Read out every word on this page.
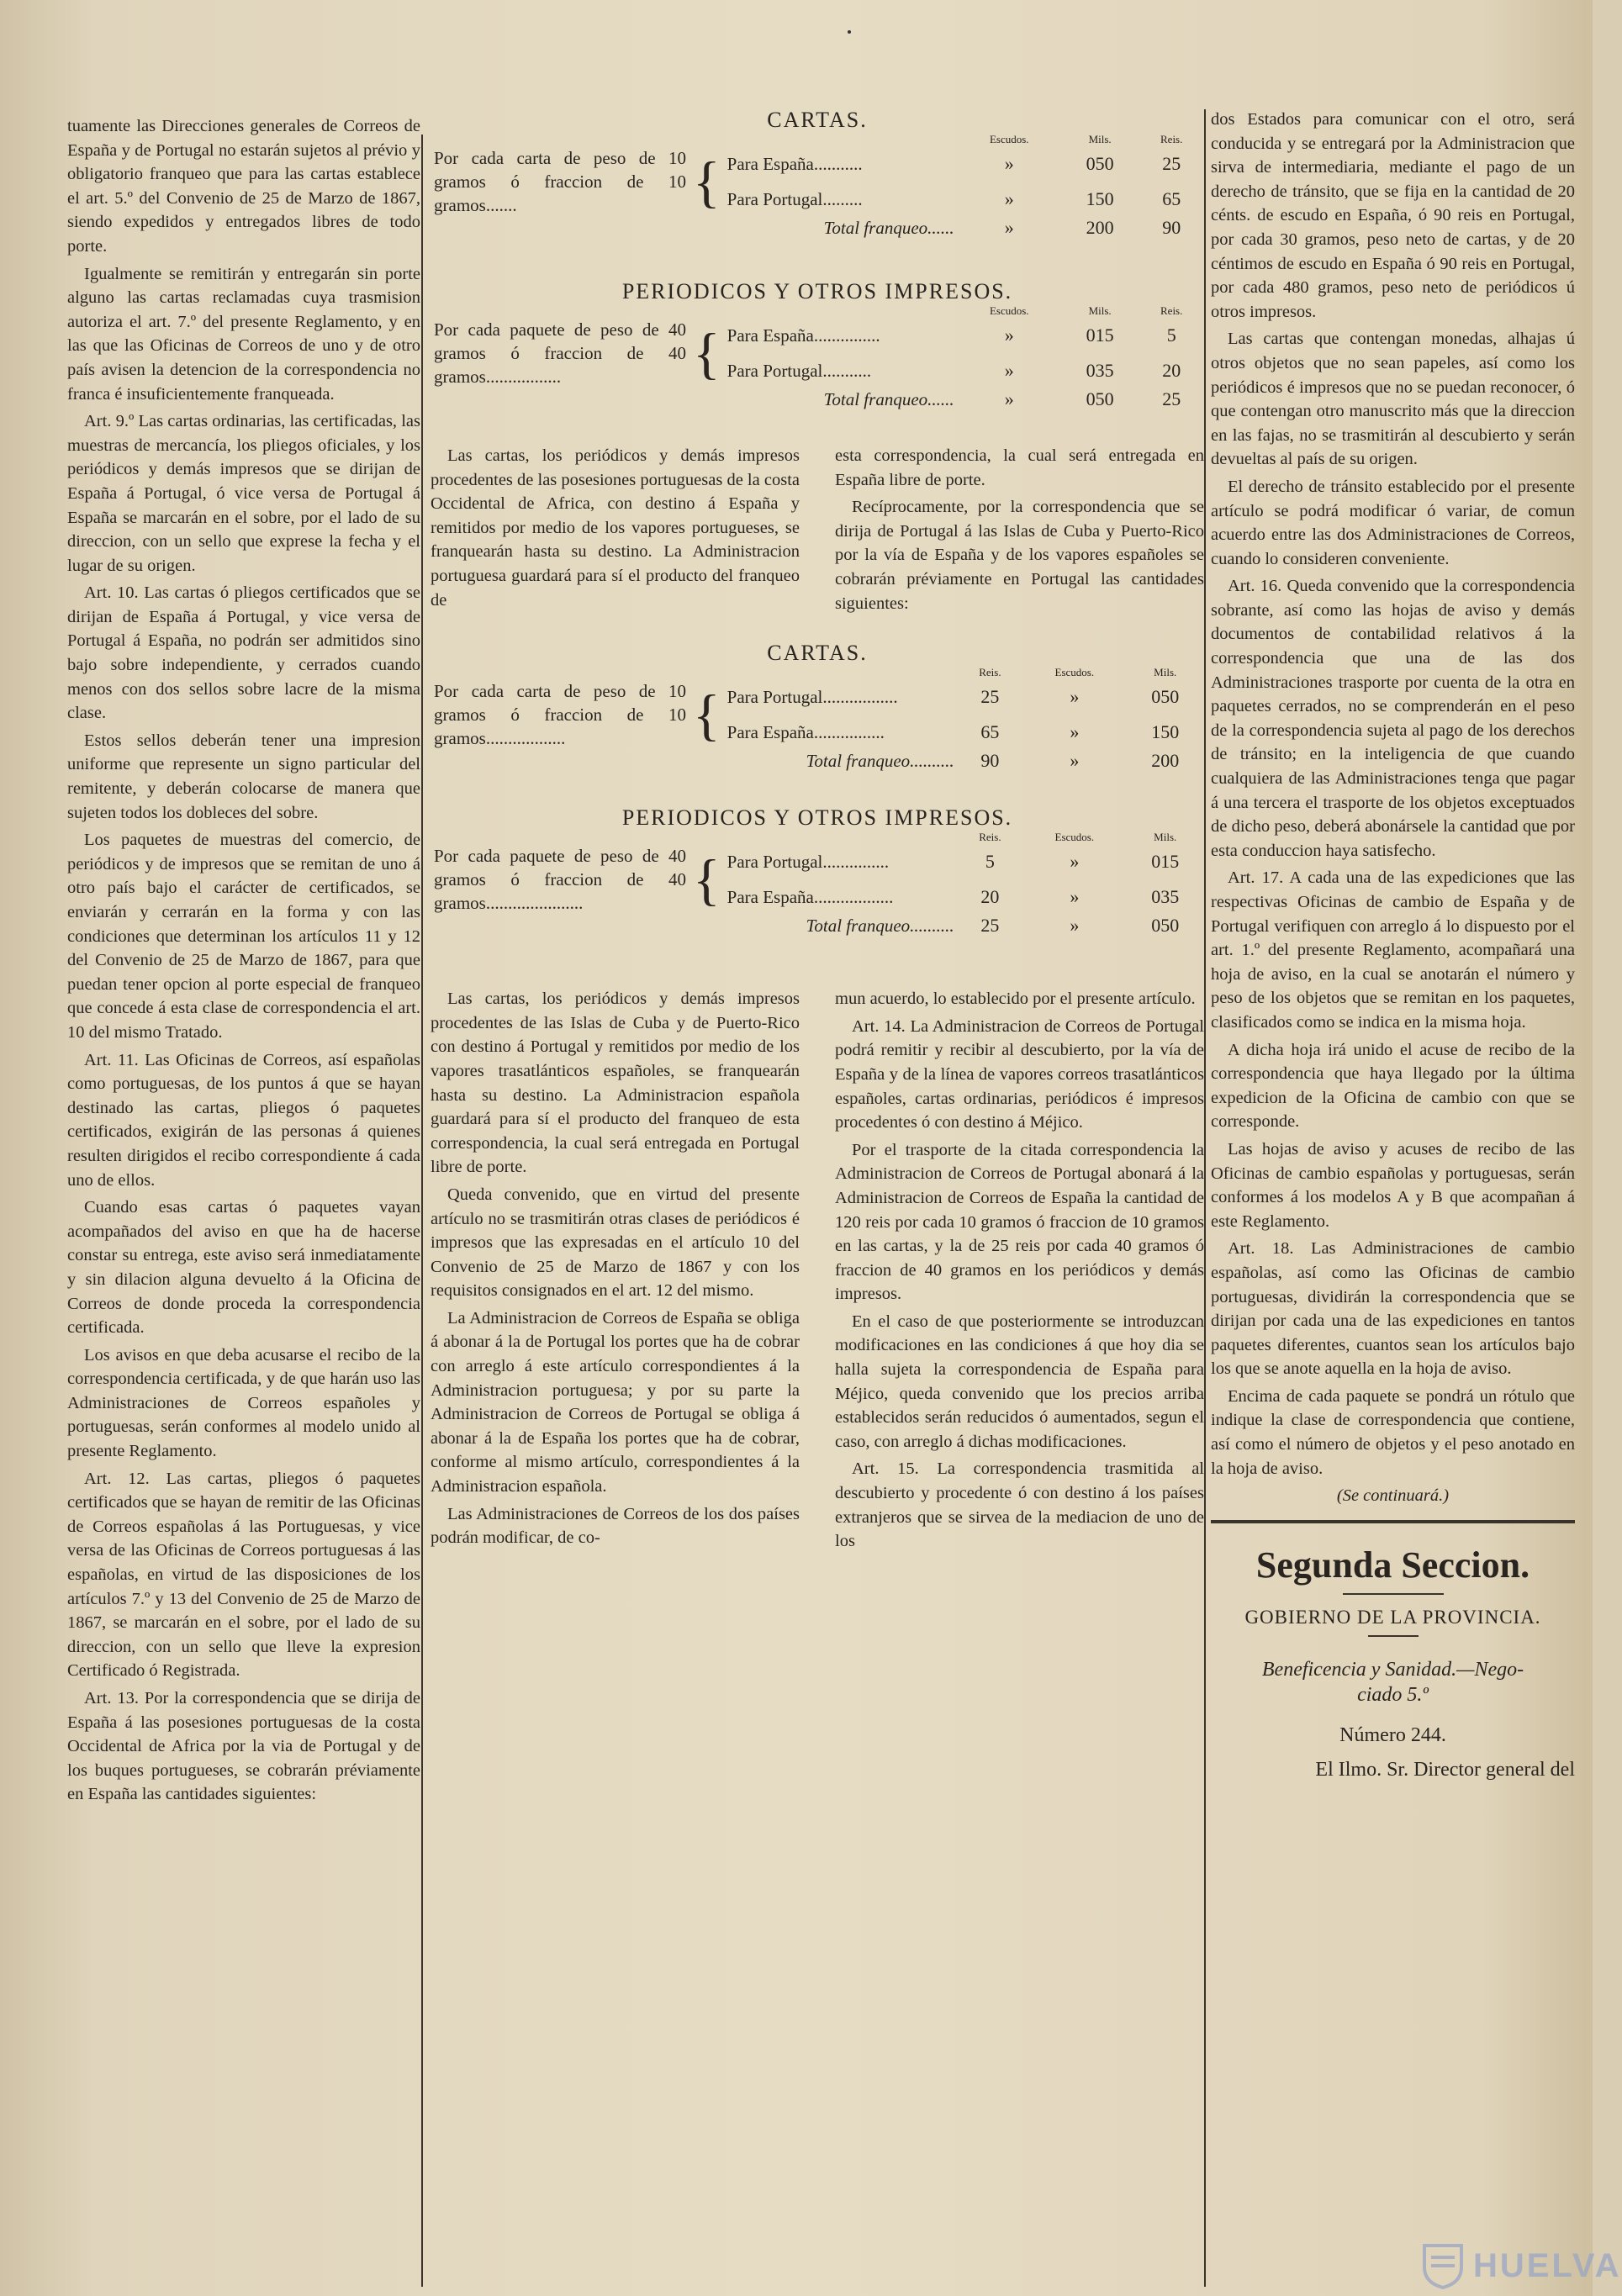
tuamente las Direcciones generales de Correos de España y de Portugal no estarán sujetos al prévio y obligatorio franqueo que para las cartas establece el art. 5.º del Convenio de 25 de Marzo de 1867, siendo expedidos y entregados libres de todo porte.

Igualmente se remitirán y entregarán sin porte alguno las cartas reclamadas cuya trasmision autoriza el art. 7.º del presente Reglamento, y en las que las Oficinas de Correos de uno y de otro país avisen la detencion de la correspondencia no franca é insuficientemente franqueada.

Art. 9.º Las cartas ordinarias, las certificadas, las muestras de mercancía, los pliegos oficiales, y los periódicos y demás impresos que se dirijan de España á Portugal, ó vice versa de Portugal á España se marcarán en el sobre, por el lado de su direccion, con un sello que exprese la fecha y el lugar de su origen.

Art. 10. Las cartas ó pliegos certificados que se dirijan de España á Portugal, y vice versa de Portugal á España, no podrán ser admitidos sino bajo sobre independiente, y cerrados cuando menos con dos sellos sobre lacre de la misma clase.

Estos sellos deberán tener una impresion uniforme que represente un signo particular del remitente, y deberán colocarse de manera que sujeten todos los dobleces del sobre.

Los paquetes de muestras del comercio, de periódicos y de impresos que se remitan de uno á otro país bajo el carácter de certificados, se enviarán y cerrarán en la forma y con las condiciones que determinan los artículos 11 y 12 del Convenio de 25 de Marzo de 1867, para que puedan tener opcion al porte especial de franqueo que concede á esta clase de correspondencia el art. 10 del mismo Tratado.

Art. 11. Las Oficinas de Correos, así españolas como portuguesas, de los puntos á que se hayan destinado las cartas, pliegos ó paquetes certificados, exigirán de las personas á quienes resulten dirigidos el recibo correspondiente á cada uno de ellos.

Cuando esas cartas ó paquetes vayan acompañados del aviso en que ha de hacerse constar su entrega, este aviso será inmediatamente y sin dilacion alguna devuelto á la Oficina de Correos de donde proceda la correspondencia certificada.

Los avisos en que deba acusarse el recibo de la correspondencia certificada, y de que harán uso las Administraciones de Correos españoles y portuguesas, serán conformes al modelo unido al presente Reglamento.

Art. 12. Las cartas, pliegos ó paquetes certificados que se hayan de remitir de las Oficinas de Correos españolas á las Portuguesas, y vice versa de las Oficinas de Correos portuguesas á las españolas, en virtud de las disposiciones de los artículos 7.º y 13 del Convenio de 25 de Marzo de 1867, se marcarán en el sobre, por el lado de su direccion, con un sello que lleve la expresion Certificado ó Registrada.

Art. 13. Por la correspondencia que se dirija de España á las posesiones portuguesas de la costa Occidental de Africa por la via de Portugal y de los buques portugueses, se cobrarán préviamente en España las cantidades siguientes:

CARTAS.
			Escudos.	Mils.	Reis.
Por cada carta de peso de 10 gramos ó fraccion de 10 gramos.......	{	Para España...........	»	050	25
		Para Portugal.........	»	150	65
		Total franqueo......	»	200	90
PERIODICOS Y OTROS IMPRESOS.
			Escudos.	Mils.	Reis.
Por cada paquete de peso de 40 gramos ó fraccion de 40 gramos.................	{	Para España...............	»	015	5
		Para Portugal...........	»	035	20
		Total franqueo......	»	050	25

Las cartas, los periódicos y demás impresos procedentes de las posesiones portuguesas de la costa Occidental de Africa, con destino á España y remitidos por medio de los vapores portugueses, se franquearán hasta su destino. La Administracion portuguesa guardará para sí el producto del franqueo de

esta correspondencia, la cual será entregada en España libre de porte.

Recíprocamente, por la correspondencia que se dirija de Portugal á las Islas de Cuba y Puerto-Rico por la vía de España y de los vapores españoles se cobrarán préviamente en Portugal las cantidades siguientes:

CARTAS.
			Reis.	Escudos.	Mils.
Por cada carta de peso de 10 gramos ó fraccion de 10 gramos..................	{	Para Portugal.................	25	»	050
		Para España................	65	»	150
		Total franqueo..........	90	»	200
PERIODICOS Y OTROS IMPRESOS.
			Reis.	Escudos.	Mils.
Por cada paquete de peso de 40 gramos ó fraccion de 40 gramos......................	{	Para Portugal...............	5	»	015
		Para España..................	20	»	035
		Total franqueo..........	25	»	050

Las cartas, los periódicos y demás impresos procedentes de las Islas de Cuba y de Puerto-Rico con destino á Portugal y remitidos por medio de los vapores trasatlánticos españoles, se franquearán hasta su destino. La Administracion española guardará para sí el producto del franqueo de esta correspondencia, la cual será entregada en Portugal libre de porte.

Queda convenido, que en virtud del presente artículo no se trasmitirán otras clases de periódicos é impresos que las expresadas en el artículo 10 del Convenio de 25 de Marzo de 1867 y con los requisitos consignados en el art. 12 del mismo.

La Administracion de Correos de España se obliga á abonar á la de Portugal los portes que ha de cobrar con arreglo á este artículo correspondientes á la Administracion portuguesa; y por su parte la Administracion de Correos de Portugal se obliga á abonar á la de España los portes que ha de cobrar, conforme al mismo artículo, correspondientes á la Administracion española.

Las Administraciones de Correos de los dos países podrán modificar, de co-

mun acuerdo, lo establecido por el presente artículo.

Art. 14. La Administracion de Correos de Portugal podrá remitir y recibir al descubierto, por la vía de España y de la línea de vapores correos trasatlánticos españoles, cartas ordinarias, periódicos é impresos procedentes ó con destino á Méjico.

Por el trasporte de la citada correspondencia la Administracion de Correos de Portugal abonará á la Administracion de Correos de España la cantidad de 120 reis por cada 10 gramos ó fraccion de 10 gramos en las cartas, y la de 25 reis por cada 40 gramos ó fraccion de 40 gramos en los periódicos y demás impresos.

En el caso de que posteriormente se introduzcan modificaciones en las condiciones á que hoy dia se halla sujeta la correspondencia de España para Méjico, queda convenido que los precios arriba establecidos serán reducidos ó aumentados, segun el caso, con arreglo á dichas modificaciones.

Art. 15. La correspondencia trasmitida al descubierto y procedente ó con destino á los países extranjeros que se sirvea de la mediacion de uno de los

dos Estados para comunicar con el otro, será conducida y se entregará por la Administracion que sirva de intermediaria, mediante el pago de un derecho de tránsito, que se fija en la cantidad de 20 cénts. de escudo en España, ó 90 reis en Portugal, por cada 30 gramos, peso neto de cartas, y de 20 céntimos de escudo en España ó 90 reis en Portugal, por cada 480 gramos, peso neto de periódicos ú otros impresos.

Las cartas que contengan monedas, alhajas ú otros objetos que no sean papeles, así como los periódicos é impresos que no se puedan reconocer, ó que contengan otro manuscrito más que la direccion en las fajas, no se trasmitirán al descubierto y serán devueltas al país de su origen.

El derecho de tránsito establecido por el presente artículo se podrá modificar ó variar, de comun acuerdo entre las dos Administraciones de Correos, cuando lo consideren conveniente.

Art. 16. Queda convenido que la correspondencia sobrante, así como las hojas de aviso y demás documentos de contabilidad relativos á la correspondencia que una de las dos Administraciones trasporte por cuenta de la otra en paquetes cerrados, no se comprenderán en el peso de la correspondencia sujeta al pago de los derechos de tránsito; en la inteligencia de que cuando cualquiera de las Administraciones tenga que pagar á una tercera el trasporte de los objetos exceptuados de dicho peso, deberá abonársele la cantidad que por esta conduccion haya satisfecho.

Art. 17. A cada una de las expediciones que las respectivas Oficinas de cambio de España y de Portugal verifiquen con arreglo á lo dispuesto por el art. 1.º del presente Reglamento, acompañará una hoja de aviso, en la cual se anotarán el número y peso de los objetos que se remitan en los paquetes, clasificados como se indica en la misma hoja.

A dicha hoja irá unido el acuse de recibo de la correspondencia que haya llegado por la última expedicion de la Oficina de cambio con que se corresponde.

Las hojas de aviso y acuses de recibo de las Oficinas de cambio españolas y portuguesas, serán conformes á los modelos A y B que acompañan á este Reglamento.

Art. 18. Las Administraciones de cambio españolas, así como las Oficinas de cambio portuguesas, dividirán la correspondencia que se dirijan por cada una de las expediciones en tantos paquetes diferentes, cuantos sean los artículos bajo los que se anote aquella en la hoja de aviso.

Encima de cada paquete se pondrá un rótulo que indique la clase de correspondencia que contiene, así como el número de objetos y el peso anotado en la hoja de aviso.

(Se continuará.)

Segunda Seccion.
GOBIERNO DE LA PROVINCIA.
Beneficencia y Sanidad.—Nego-
ciado 5.º
Número 244.
El Ilmo. Sr. Director general del
HUELVA
